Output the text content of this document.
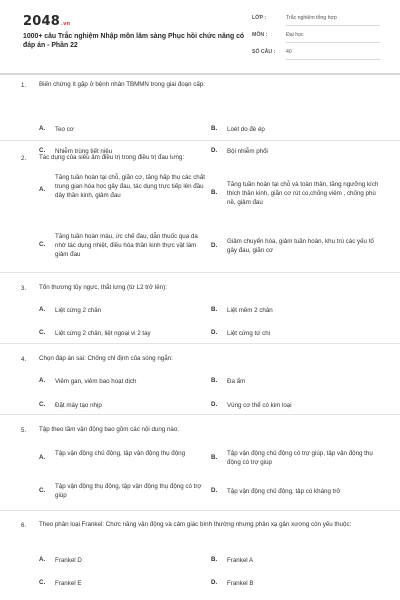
2048.vn
1000+ câu Trắc nghiệm Nhập môn lâm sàng Phục hồi chức năng có đáp án - Phần 22
LỚP :	Trắc nghiệm tổng hợp
MÔN :	Đại học
SỐ CÂU : 40
1. Biến chứng ít gặp ở bệnh nhân TBMMN trong giai đoạn cấp:
A. Teo cơ	B. Loét do đè ép
C. Nhiễm trùng tiết niệu	D. Bội nhiễm phổi
2. Tác dụng của siêu âm điều trị trong điều trị đau lưng:
A.
Tăng tuần hoàn tại chỗ, giãn cơ, tăng hấp thụ các chất trung gian hóa học gây đau, tác dụng trực tiếp lên đầu dây thần kinh, giảm đau	B.
Tăng tuần hoàn tại chỗ và toàn thân, tăng ngưỡng kích thích thần kinh, giãn cơ rút co,chống viêm , chống phù nề, giảm đau
C.
Tăng tuần hoàn máu, ức chế đau, dẫn thuốc qua da nhờ tác dụng nhiệt, điều hòa thần kinh thực vật làm giảm đau
D.
Giảm chuyển hóa, giảm tuần hoàn, khu trú các yếu tố gây đau, giãn cơ
3. Tổn thương tủy ngực, thắt lưng (từ L2 trở lên):
A. Liệt cứng 2 chân	B. Liệt mềm 2 chân
C. Liệt cứng 2 chân, liệt ngoại vi 2 tay	D. Liệt cứng tứ chi
4. Chọn đáp án sai: Chống chỉ định của sóng ngắn:
A. Viêm gan, viêm bao hoạt dịch	B. Đa ẩm
C. Đặt máy tạo nhịp	D. Vùng cơ thể có kim loại
5. Tập theo tầm vận động bao gồm các nội dung nào:
A.
Tập vận động chủ động, tập vận động thụ động
B.
Tập vận động chủ động có trợ giúp, tập vận động thụ động có trợ giúp
C.
Tập vận động thụ động, tập vận động thụ động có trợ giúp
D. Tập vận động chủ động, tập có kháng trở
6. Theo phân loại Frankel: Chức năng vận động và cảm giác bình thường nhưng phản xạ gân xương còn yếu thuộc:
A. Frankel D	B. Frankel A
C. Frankel E	D. Frankel B
